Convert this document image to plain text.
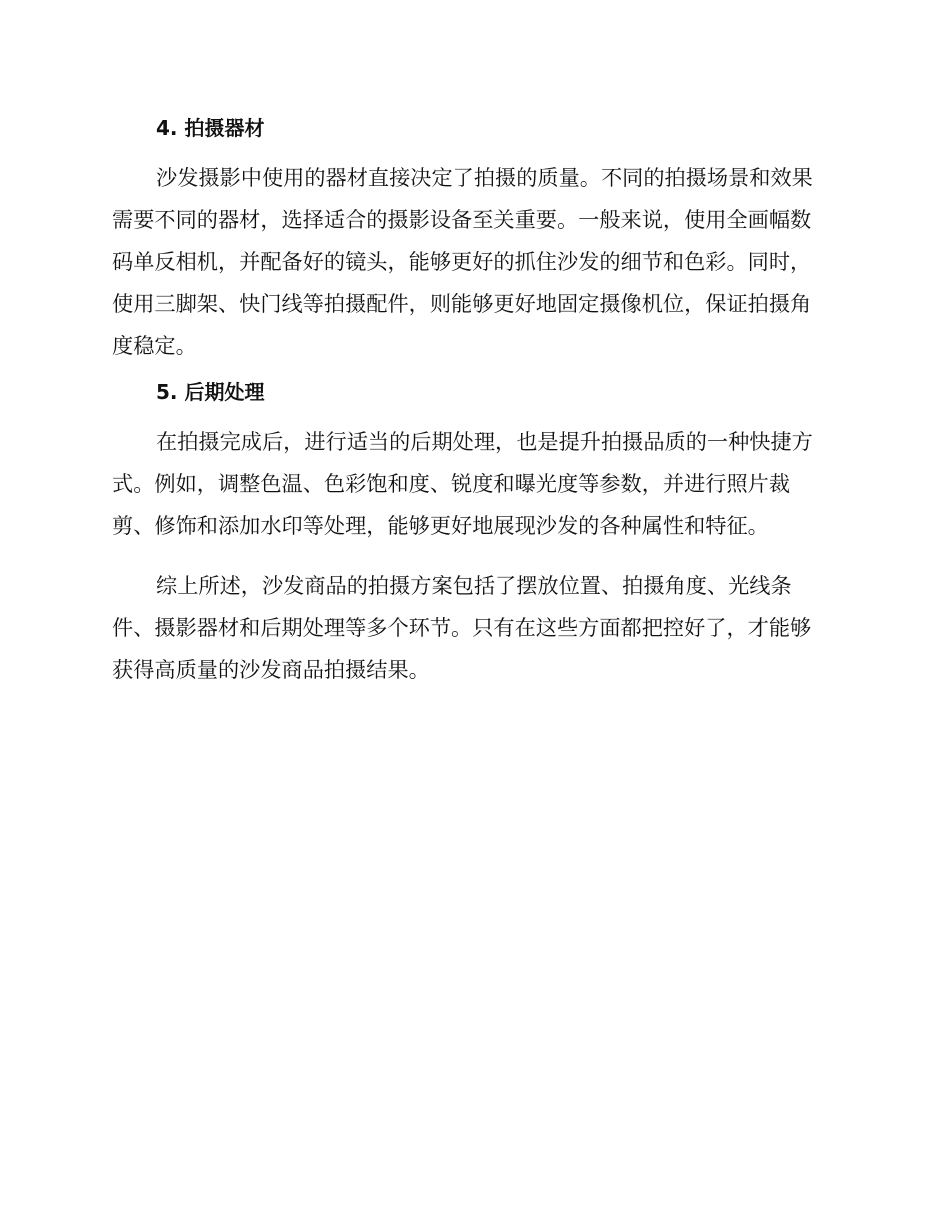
4. 拍摄器材
沙发摄影中使用的器材直接决定了拍摄的质量。不同的拍摄场景和效果
需要不同的器材，选择适合的摄影设备至关重要。一般来说，使用全画幅数
码单反相机，并配备好的镜头，能够更好的抓住沙发的细节和色彩。同时，
使用三脚架、快门线等拍摄配件，则能够更好地固定摄像机位，保证拍摄角
度稳定。
5. 后期处理
在拍摄完成后，进行适当的后期处理，也是提升拍摄品质的一种快捷方
式。例如，调整色温、色彩饱和度、锐度和曝光度等参数，并进行照片裁
剪、修饰和添加水印等处理，能够更好地展现沙发的各种属性和特征。
综上所述，沙发商品的拍摄方案包括了摆放位置、拍摄角度、光线条
件、摄影器材和后期处理等多个环节。只有在这些方面都把控好了，才能够
获得高质量的沙发商品拍摄结果。
